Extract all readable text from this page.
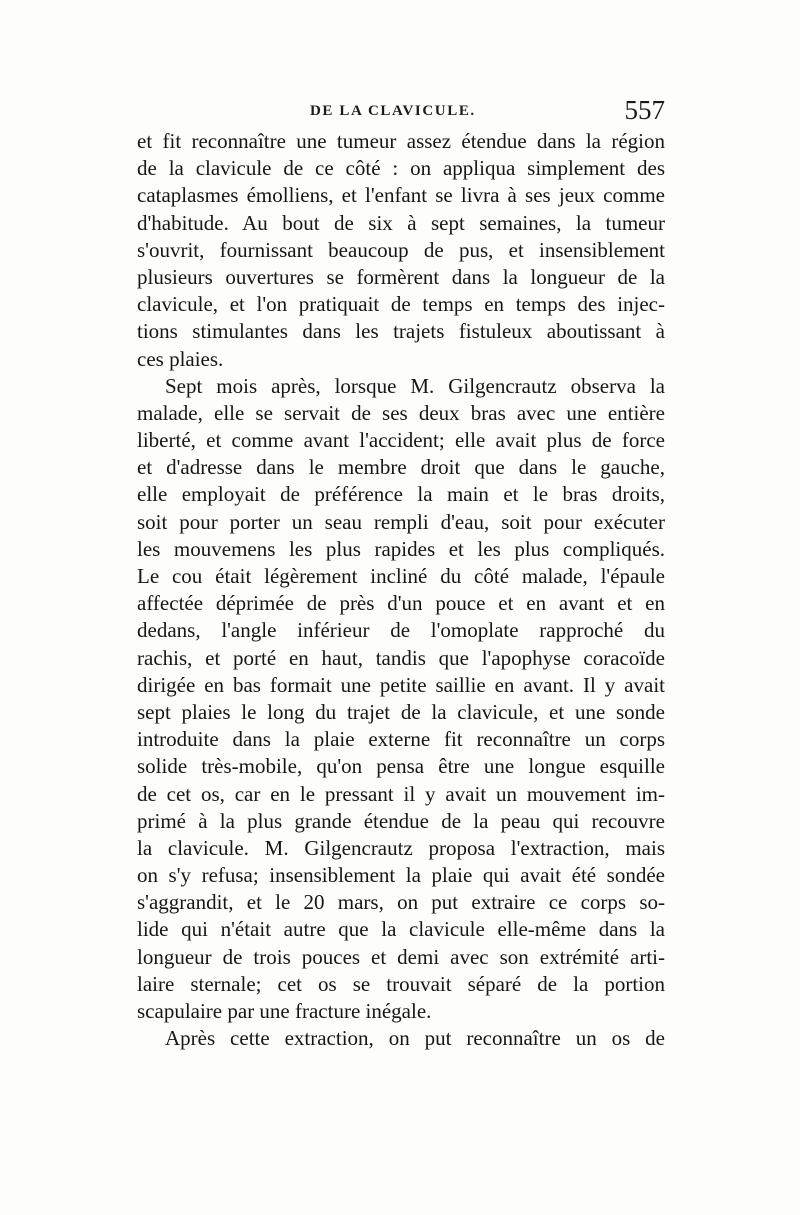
DE LA CLAVICULE.	557
et fit reconnaître une tumeur assez étendue dans la région
de la clavicule de ce côté : on appliqua simplement des
cataplasmes émolliens, et l'enfant se livra à ses jeux comme
d'habitude. Au bout de six à sept semaines, la tumeur
s'ouvrit, fournissant beaucoup de pus, et insensiblement
plusieurs ouvertures se formèrent dans la longueur de la
clavicule, et l'on pratiquait de temps en temps des injec-
tions stimulantes dans les trajets fistuleux aboutissant à
ces plaies.
Sept mois après, lorsque M. Gilgencrautz observa la
malade, elle se servait de ses deux bras avec une entière
liberté, et comme avant l'accident; elle avait plus de force
et d'adresse dans le membre droit que dans le gauche,
elle employait de préférence la main et le bras droits,
soit pour porter un seau rempli d'eau, soit pour exécuter
les mouvemens les plus rapides et les plus compliqués.
Le cou était légèrement incliné du côté malade, l'épaule
affectée déprimée de près d'un pouce et en avant et en
dedans, l'angle inférieur de l'omoplate rapproché du
rachis, et porté en haut, tandis que l'apophyse coracoïde
dirigée en bas formait une petite saillie en avant. Il y avait
sept plaies le long du trajet de la clavicule, et une sonde
introduite dans la plaie externe fit reconnaître un corps
solide très-mobile, qu'on pensa être une longue esquille
de cet os, car en le pressant il y avait un mouvement im-
primé à la plus grande étendue de la peau qui recouvre
la clavicule. M. Gilgencrautz proposa l'extraction, mais
on s'y refusa; insensiblement la plaie qui avait été sondée
s'aggrandit, et le 20 mars, on put extraire ce corps so-
lide qui n'était autre que la clavicule elle-même dans la
longueur de trois pouces et demi avec son extrémité arti-
laire sternale; cet os se trouvait séparé de la portion
scapulaire par une fracture inégale.
Après cette extraction, on put reconnaître un os de
